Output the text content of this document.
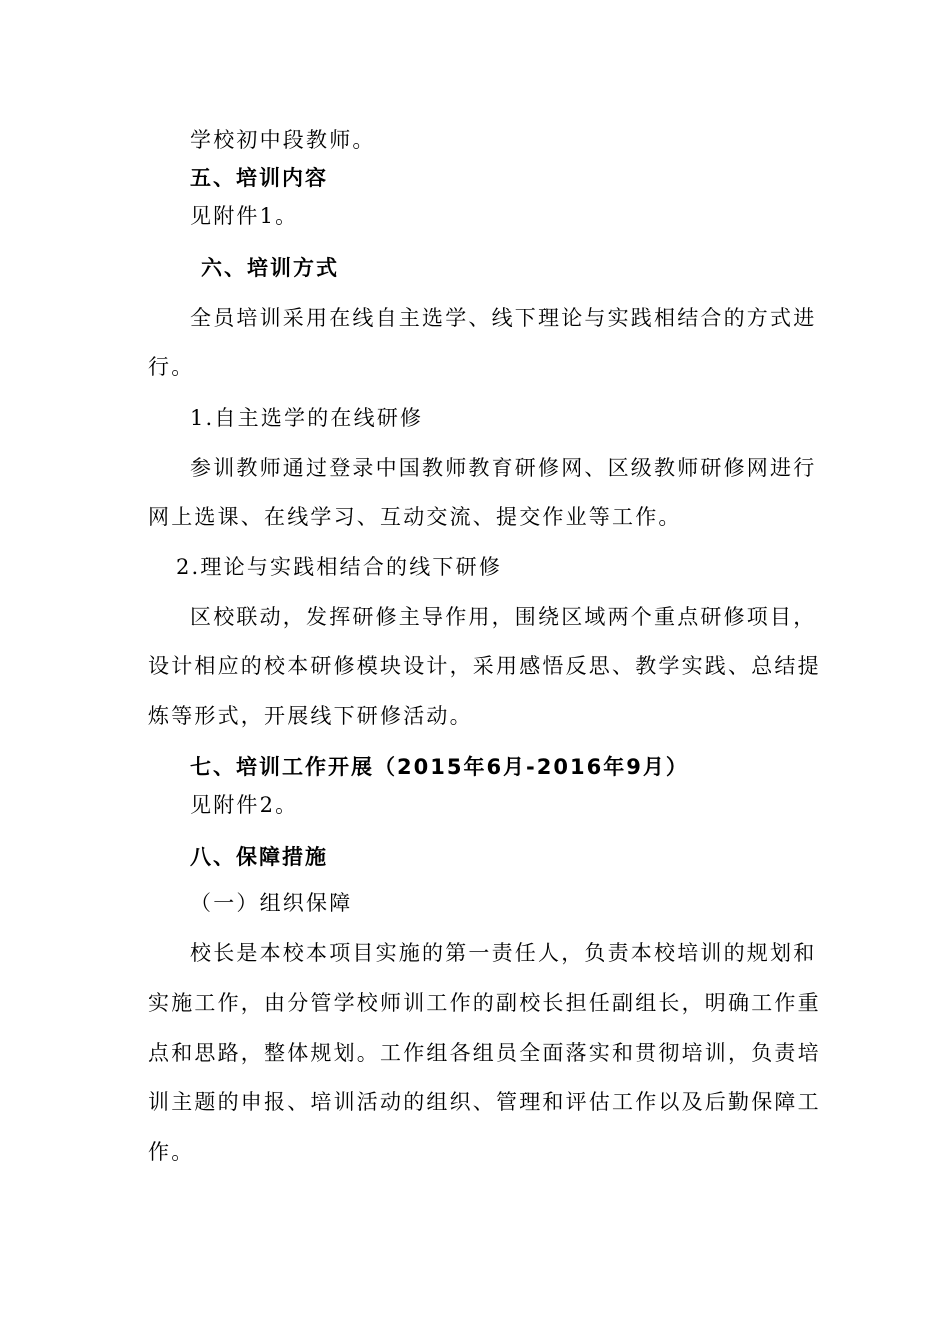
学校初中段教师。
五、培训内容
见附件1。
六、培训方式
全员培训采用在线自主选学、线下理论与实践相结合的方式进
行。
1.自主选学的在线研修
参训教师通过登录中国教师教育研修网、区级教师研修网进行
网上选课、在线学习、互动交流、提交作业等工作。
2.理论与实践相结合的线下研修
区校联动，发挥研修主导作用，围绕区域两个重点研修项目，
设计相应的校本研修模块设计，采用感悟反思、教学实践、总结提
炼等形式，开展线下研修活动。
七、培训工作开展（2015年6月-2016年9月）
见附件2。
八、保障措施
（一）组织保障
校长是本校本项目实施的第一责任人，负责本校培训的规划和
实施工作，由分管学校师训工作的副校长担任副组长，明确工作重
点和思路，整体规划。工作组各组员全面落实和贯彻培训，负责培
训主题的申报、培训活动的组织、管理和评估工作以及后勤保障工
作。
